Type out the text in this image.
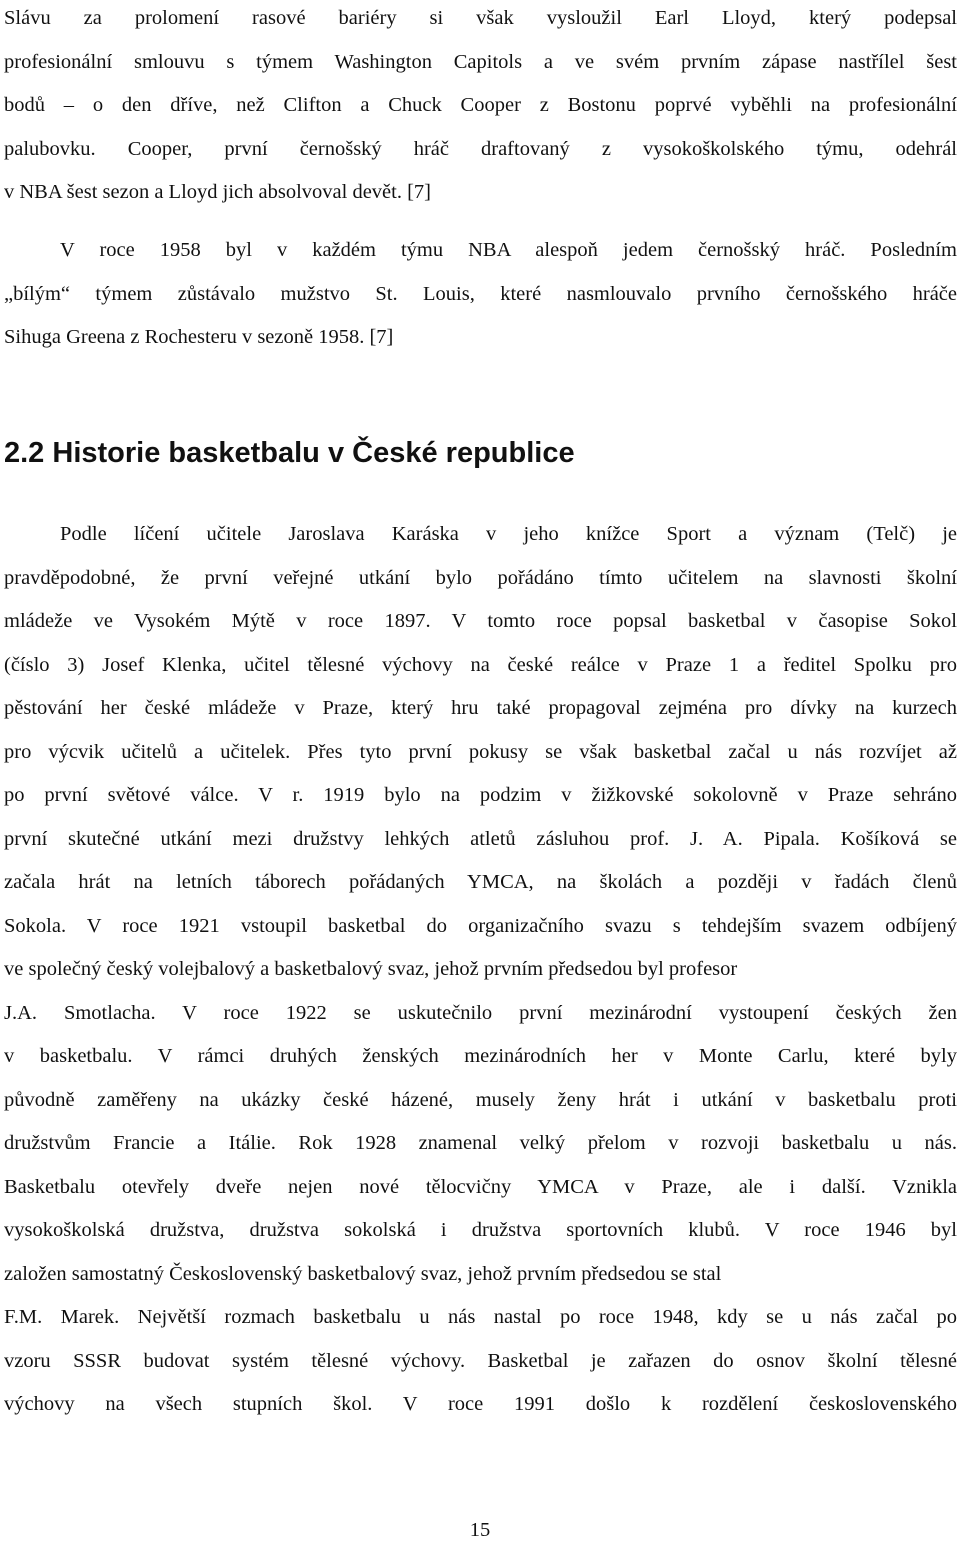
Slávu za prolomení rasové bariéry si však vysloužil Earl Lloyd, který podepsal
profesionální smlouvu s týmem Washington Capitols a ve svém prvním zápase nastřílel šest
bodů – o den dříve, než Clifton a Chuck Cooper z Bostonu poprvé vyběhli na profesionální
palubovku. Cooper, první černošský hráč draftovaný z vysokoškolského týmu, odehrál
v NBA šest sezon a Lloyd jich absolvoval devět. [7]
V roce 1958 byl v každém týmu NBA alespoň jedem černošský hráč. Posledním
„bílým“ týmem zůstávalo mužstvo St. Louis, které nasmlouvalo prvního černošského hráče
Sihuga Greena z Rochesteru v sezoně 1958. [7]
2.2 Historie basketbalu v České republice
Podle líčení učitele Jaroslava Karáska v jeho knížce Sport a význam (Telč) je
pravděpodobné, že první veřejné utkání bylo pořádáno tímto učitelem na slavnosti školní
mládeže ve Vysokém Mýtě v roce 1897. V tomto roce popsal basketbal v časopise Sokol
(číslo 3) Josef Klenka, učitel tělesné výchovy na české reálce v Praze 1 a ředitel Spolku pro
pěstování her české mládeže v Praze, který hru také propagoval zejména pro dívky na kurzech
pro výcvik učitelů a učitelek. Přes tyto první pokusy se však basketbal začal u nás rozvíjet až
po první světové válce. V r. 1919 bylo na podzim v žižkovské sokolovně v Praze sehráno
první skutečné utkání mezi družstvy lehkých atletů zásluhou prof. J. A. Pipala. Košíková se
začala hrát na letních táborech pořádaných YMCA, na školách a později v řadách členů
Sokola. V roce 1921 vstoupil basketbal do organizačního svazu s tehdejším svazem odbíjený
ve společný český volejbalový a basketbalový svaz, jehož prvním předsedou byl profesor
J.A. Smotlacha. V roce 1922 se uskutečnilo první mezinárodní vystoupení českých žen
v basketbalu. V rámci druhých ženských mezinárodních her v Monte Carlu, které byly
původně zaměřeny na ukázky české házené, musely ženy hrát i utkání v basketbalu proti
družstvům Francie a Itálie. Rok 1928 znamenal velký přelom v rozvoji basketbalu u nás.
Basketbalu otevřely dveře nejen nové tělocvičny YMCA v Praze, ale i další. Vznikla
vysokoškolská družstva, družstva sokolská i družstva sportovních klubů. V roce 1946 byl
založen samostatný Československý basketbalový svaz, jehož prvním předsedou se stal
F.M. Marek. Největší rozmach basketbalu u nás nastal po roce 1948, kdy se u nás začal po
vzoru SSSR budovat systém tělesné výchovy. Basketbal je zařazen do osnov školní tělesné
výchovy na všech stupních škol. V roce 1991 došlo k rozdělení československého
15
